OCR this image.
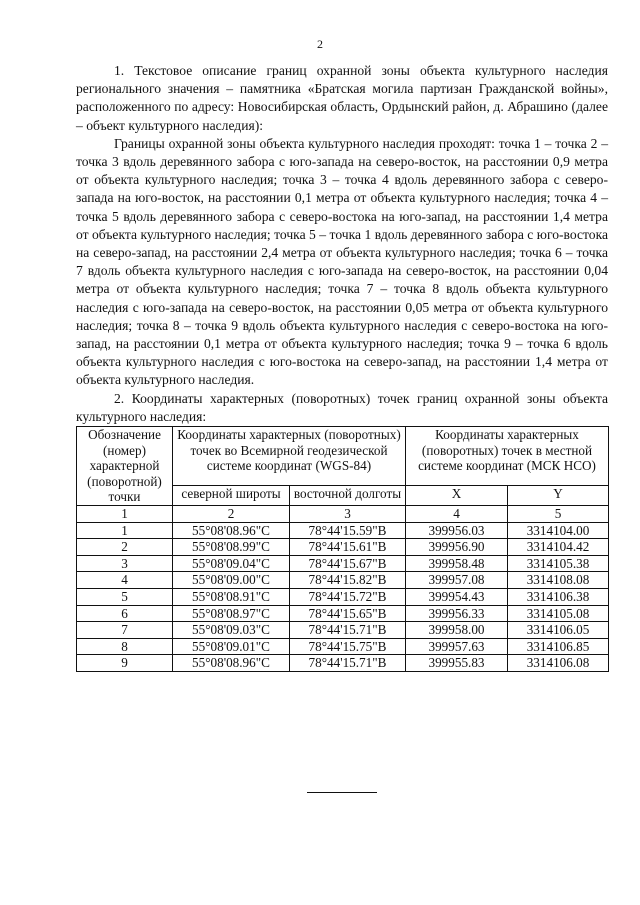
2

1. Текстовое описание границ охранной зоны объекта культурного наследия регионального значения – памятника «Братская могила партизан Гражданской войны», расположенного по адресу: Новосибирская область, Ордынский район, д. Абрашино (далее – объект культурного наследия):

Границы охранной зоны объекта культурного наследия проходят: точка 1 – точка 2 – точка 3 вдоль деревянного забора с юго-запада на северо-восток, на расстоянии 0,9 метра от объекта культурного наследия; точка 3 – точка 4 вдоль деревянного забора с северо-запада на юго-восток, на расстоянии 0,1 метра от объекта культурного наследия; точка 4 – точка 5 вдоль деревянного забора с северо-востока на юго-запад, на расстоянии 1,4 метра от объекта культурного наследия; точка 5 – точка 1 вдоль деревянного забора с юго-востока на северо-запад, на расстоянии 2,4 метра от объекта культурного наследия; точка 6 – точка 7 вдоль объекта культурного наследия с юго-запада на северо-восток, на расстоянии 0,04 метра от объекта культурного наследия; точка 7 – точка 8 вдоль объекта культурного наследия с юго-запада на северо-восток, на расстоянии 0,05 метра от объекта культурного наследия; точка 8 – точка 9 вдоль объекта культурного наследия с северо-востока на юго-запад, на расстоянии 0,1 метра от объекта культурного наследия; точка 9 – точка 6 вдоль объекта культурного наследия с юго-востока на северо-запад, на расстоянии 1,4 метра от объекта культурного наследия.

2. Координаты характерных (поворотных) точек границ охранной зоны объекта культурного наследия:

Обозначение (номер) характерной (поворотной) точки	Координаты характерных (поворотных) точек во Всемирной геодезической системе координат (WGS-84)		Координаты характерных (поворотных) точек в местной системе координат (МСК НСО)	
	северной широты	восточной долготы	X	Y
1	2	3	4	5
1	55°08'08.96"С	78°44'15.59"В	399956.03	3314104.00
2	55°08'08.99"С	78°44'15.61"В	399956.90	3314104.42
3	55°08'09.04"С	78°44'15.67"В	399958.48	3314105.38
4	55°08'09.00"С	78°44'15.82"В	399957.08	3314108.08
5	55°08'08.91"С	78°44'15.72"В	399954.43	3314106.38
6	55°08'08.97"С	78°44'15.65"В	399956.33	3314105.08
7	55°08'09.03"С	78°44'15.71"В	399958.00	3314106.05
8	55°08'09.01"С	78°44'15.75"В	399957.63	3314106.85
9	55°08'08.96"С	78°44'15.71"В	399955.83	3314106.08
